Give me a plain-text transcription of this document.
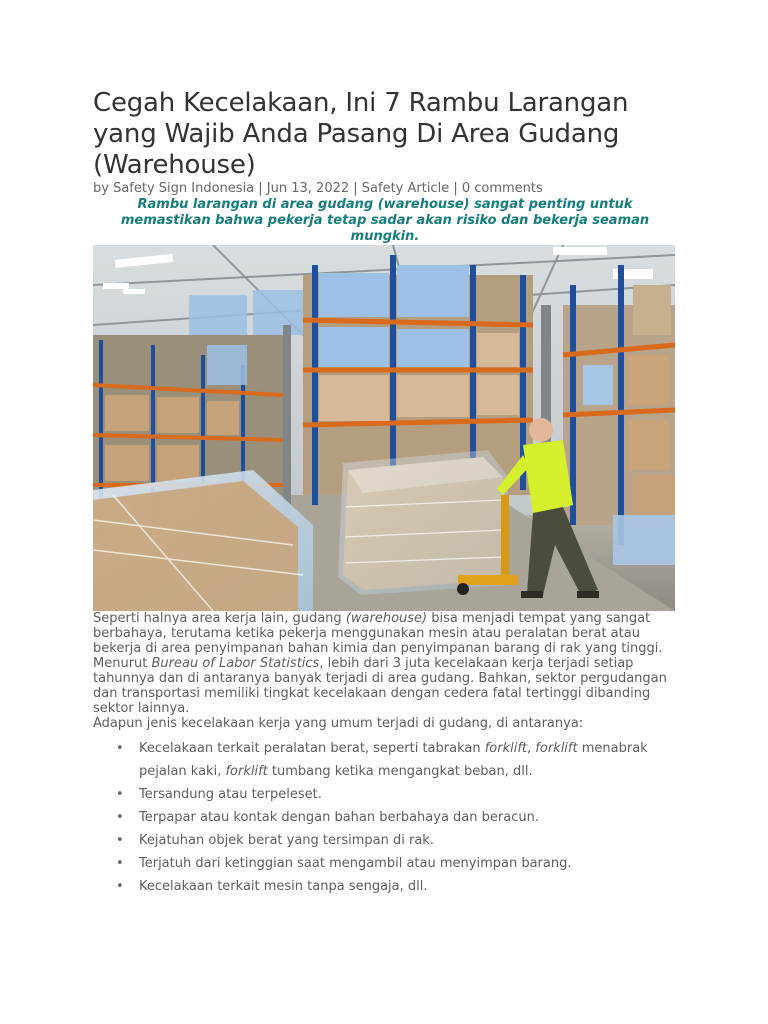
Cegah Kecelakaan, Ini 7 Rambu Larangan yang Wajib Anda Pasang Di Area Gudang (Warehouse)
by Safety Sign Indonesia | Jun 13, 2022 | Safety Article | 0 comments
Rambu larangan di area gudang (warehouse) sangat penting untuk memastikan bahwa pekerja tetap sadar akan risiko dan bekerja seaman mungkin.

Seperti halnya area kerja lain, gudang (warehouse) bisa menjadi tempat yang sangat berbahaya, terutama ketika pekerja menggunakan mesin atau peralatan berat atau bekerja di area penyimpanan bahan kimia dan penyimpanan barang di rak yang tinggi.

Menurut Bureau of Labor Statistics, lebih dari 3 juta kecelakaan kerja terjadi setiap tahunnya dan di antaranya banyak terjadi di area gudang. Bahkan, sektor pergudangan dan transportasi memiliki tingkat kecelakaan dengan cedera fatal tertinggi dibanding sektor lainnya.

Adapun jenis kecelakaan kerja yang umum terjadi di gudang, di antaranya:

• Kecelakaan terkait peralatan berat, seperti tabrakan forklift, forklift menabrak pejalan kaki, forklift tumbang ketika mengangkat beban, dll.
• Tersandung atau terpeleset.
• Terpapar atau kontak dengan bahan berbahaya dan beracun.
• Kejatuhan objek berat yang tersimpan di rak.
• Terjatuh dari ketinggian saat mengambil atau menyimpan barang.
• Kecelakaan terkait mesin tanpa sengaja, dll.
